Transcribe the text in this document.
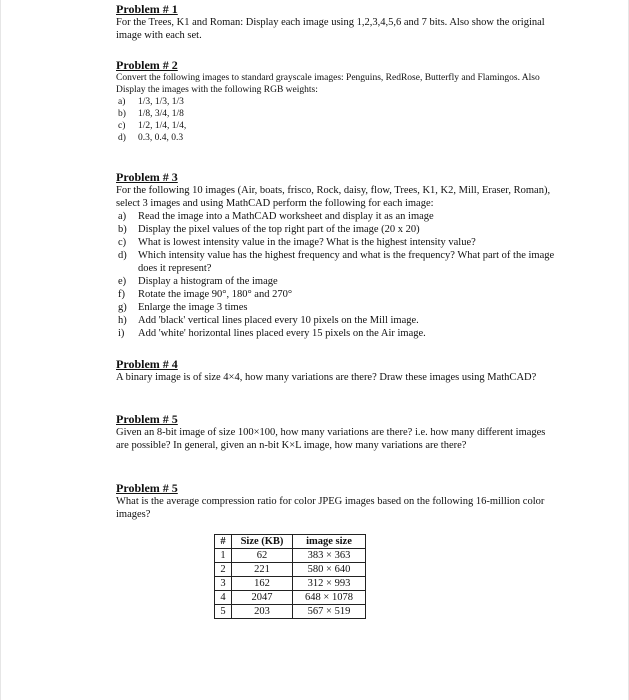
Problem # 1
For the Trees, K1 and Roman: Display each image using 1,2,3,4,5,6 and 7 bits. Also show the original image with each set.
Problem # 2
Convert the following images to standard grayscale images: Penguins, RedRose, Butterfly and Flamingos. Also Display the images with the following RGB weights:
a)	1/3, 1/3, 1/3
b)	1/8, 3/4, 1/8
c)	1/2, 1/4, 1/4,
d)	0.3, 0.4, 0.3
Problem # 3
For the following 10 images (Air, boats, frisco, Rock, daisy, flow, Trees, K1, K2, Mill, Eraser, Roman), select 3 images and using MathCAD perform the following for each image:
a)	Read the image into a MathCAD worksheet and display it as an image
b)	Display the pixel values of the top right part of the image (20 x 20)
c)	What is lowest intensity value in the image? What is the highest intensity value?
d)	Which intensity value has the highest frequency and what is the frequency? What part of the image does it represent?
e)	Display a histogram of the image
f)	Rotate the image 90°, 180° and 270°
g)	Enlarge the image 3 times
h)	Add 'black' vertical lines placed every 10 pixels on the Mill image.
i)	Add 'white' horizontal lines placed every 15 pixels on the Air image.
Problem # 4
A binary image is of size 4×4, how many variations are there? Draw these images using MathCAD?
Problem # 5
Given an 8-bit image of size 100×100, how many variations are there? i.e. how many different images are possible? In general, given an n-bit K×L image, how many variations are there?
Problem # 5
What is the average compression ratio for color JPEG images based on the following 16-million color images?
#	Size (KB)	image size
1	62	383 × 363
2	221	580 × 640
3	162	312 × 993
4	2047	648 × 1078
5	203	567 × 519
